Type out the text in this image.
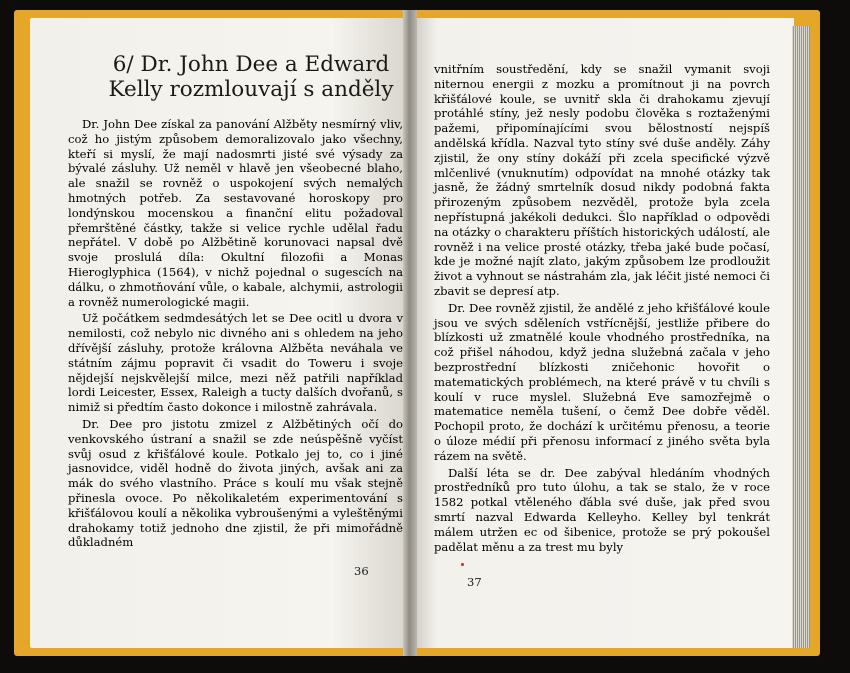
6/ Dr. John Dee a Edward
Kelly rozmlouvají s anděly

Dr. John Dee získal za panování Alžběty nesmírný vliv, což ho jistým způsobem demoralizovalo jako všechny, kteří si myslí, že mají nadosmrti jisté své výsady za bývalé zásluhy. Už neměl v hlavě jen všeobecné blaho, ale snažil se rovněž o uspokojení svých nemalých hmotných potřeb. Za sestavované horoskopy pro londýnskou mocenskou a finanční elitu požadoval přemrštěné částky, takže si velice rychle udělal řadu nepřátel. V době po Alžbětině korunovaci napsal dvě svoje proslulá díla: Okultní filozofii a Monas Hieroglyphica (1564), v nichž pojednal o sugescích na dálku, o zhmotňování vůle, o kabale, alchymii, astrologii a rovněž numerologické magii.

Už počátkem sedmdesátých let se Dee ocitl u dvora v nemilosti, což nebylo nic divného ani s ohledem na jeho dřívější zásluhy, protože královna Alžběta neváhala ve státním zájmu popravit či vsadit do Toweru i svoje nějdejší nejskvělejší milce, mezi něž patřili například lordi Leicester, Essex, Raleigh a tucty dalších dvořanů, s nimiž si předtím často dokonce i milostně zahrávala.

Dr. Dee pro jistotu zmizel z Alžbětiných očí do venkovského ústraní a snažil se zde neúspěšně vyčíst svůj osud z křišťálové koule. Potkalo jej to, co i jiné jasnovidce, viděl hodně do života jiných, avšak ani za mák do svého vlastního. Práce s koulí mu však stejně přinesla ovoce. Po několikaletém experimentování s křišťálovou koulí a několika vybroušenými a vyleštěnými drahokamy totiž jednoho dne zjistil, že při mimořádně důkladném

vnitřním soustředění, kdy se snažil vymanit svoji niternou energii z mozku a promítnout ji na povrch křišťálové koule, se uvnitř skla či drahokamu zjevují protáhlé stíny, jež nesly podobu člověka s roztaženými pažemi, připomínajícími svou bělostností nejspíš andělská křídla. Nazval tyto stíny své duše anděly. Záhy zjistil, že ony stíny dokáží při zcela specifické výzvě mlčenlivé (vnuknutím) odpovídat na mnohé otázky tak jasně, že žádný smrtelník dosud nikdy podobná fakta přirozeným způsobem nezvěděl, protože byla zcela nepřístupná jakékoli dedukci. Šlo například o odpovědi na otázky o charakteru příštích historických událostí, ale rovněž i na velice prosté otázky, třeba jaké bude počasí, kde je možné najít zlato, jakým způsobem lze prodloužit život a vyhnout se nástrahám zla, jak léčit jisté nemoci či zbavit se depresí atp.

Dr. Dee rovněž zjistil, že andělé z jeho křišťálové koule jsou ve svých sděleních vstřícnější, jestliže přibere do blízkosti už zmatnělé koule vhodného prostředníka, na což přišel náhodou, když jedna služebná začala v jeho bezprostřední blízkosti zničehonic hovořit o matematických problémech, na které právě v tu chvíli s koulí v ruce myslel. Služebná Eve samozřejmě o matematice neměla tušení, o čemž Dee dobře věděl. Pochopil proto, že dochází k určitému přenosu, a teorie o úloze médií při přenosu informací z jiného světa byla rázem na světě.

Další léta se dr. Dee zabýval hledáním vhodných prostředníků pro tuto úlohu, a tak se stalo, že v roce 1582 potkal vtěleného ďábla své duše, jak před svou smrtí nazval Edwarda Kelleyho. Kelley byl tenkrát málem utržen ec od šibenice, protože se prý pokoušel padělat měnu a za trest mu byly

36
37
